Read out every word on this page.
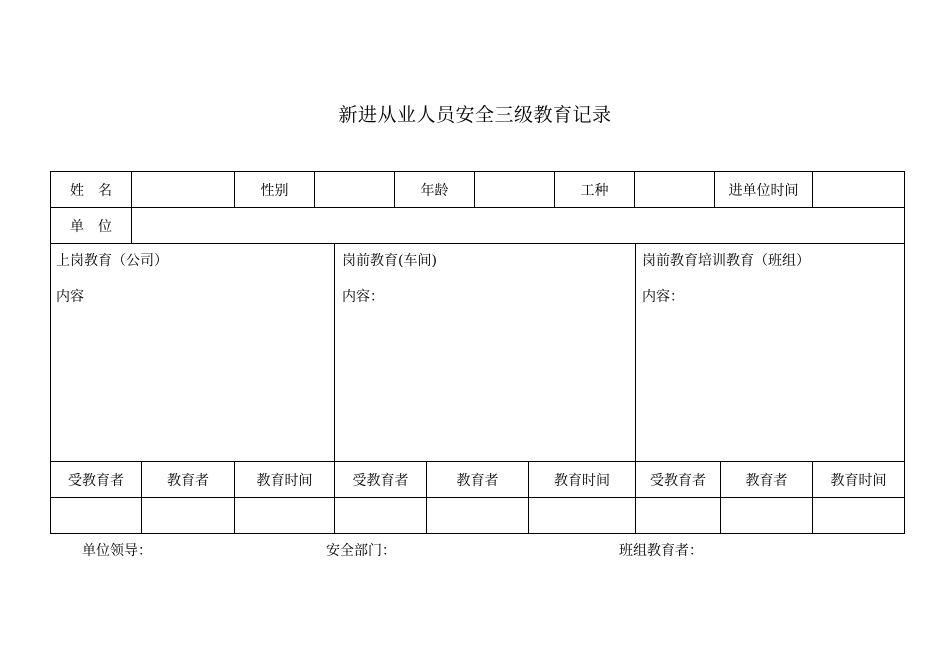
新进从业人员安全三级教育记录
姓　名	性别	年龄	工种	进单位时间
单　位
上岗教育（公司）
内容
岗前教育(车间)
内容：
岗前教育培训教育（班组）
内容：
受教育者	教育者	教育时间	受教育者	教育者	教育时间	受教育者	教育者	教育时间
单位领导：	安全部门：	班组教育者：
